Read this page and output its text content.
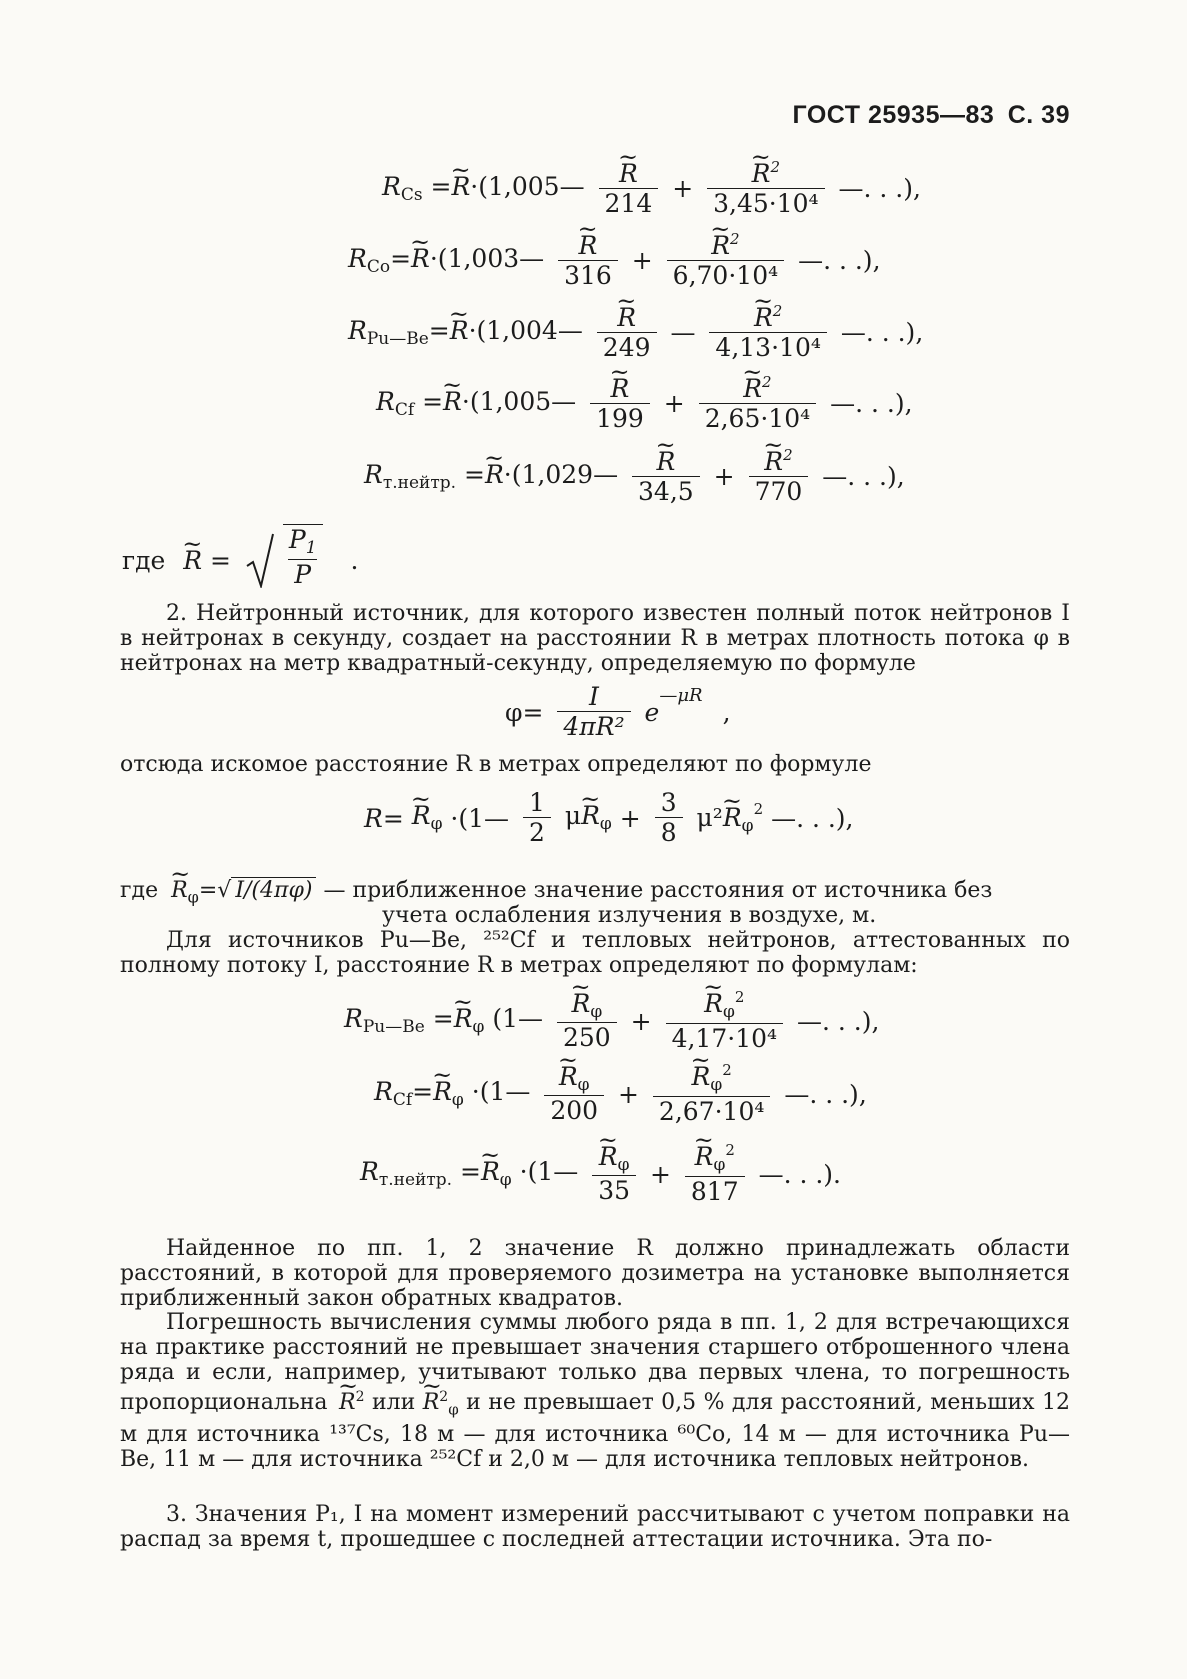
ГОСТ 25935—83 С. 39
$R_{Cs}$ =~ R·(1,005— ~ $\frac{R}{214}$ + ~ $\frac{R^2}{\text{3,45·10⁴}}$ —. . .),
$R_{Co}=\sim$ R·(1,003— ~ $\frac{R}{316}$ + ~ $\frac{R^2}{\text{6,70·10⁴}}$ —. . .),
$R_{Pu—Be}=\sim$ R·(1,004— ~ $\frac{R}{249}$ — ~ $\frac{R^2}{\text{4,13·10⁴}}$ —. . .),
$R_{Cf}$ =~ R·(1,005— ~ $\frac{R}{199}$ + ~ $\frac{R^2}{\text{2,65·10⁴}}$ —. . .),
$R_{т.нейтр.}$ =~ R·(1,029— ~ $\frac{R}{34,5}$ + ~ $\frac{R^2}{770}$ —. . .),
где ~ $R = \frac{P_1}{P}$ .
2. Нейтронный источник, для которого известен полный поток нейтронов I в нейтронах в секунду, создает на расстоянии R в метрах плотность потока φ в нейтронах на метр квадратный-секунду, определяемую по формуле
$\varphi= \frac{I}{\text{4πR²}} e^{—\mu R}$ ,
отсюда искомое расстояние R в метрах определяют по формуле
R= ~ $R_\varphi$ ·(1— $\frac{1}{2}$ μ~ $R_\varphi + \frac{3}{8}$ μ²~ $R_\varphi^2$ —. . .),
где ~ $R_\varphi=√$ I/(4πφ) — приближенное значение расстояния от источника без
учета ослабления излучения в воздухе, м.
Для источников Pu—Be, ²⁵²Cf и тепловых нейтронов, аттестованных по полному потоку I, расстояние R в метрах определяют по формулам:
$R_{Pu—Be}$ =~ $R_\varphi$ (1— ~ $\frac{R_\varphi}{250}$ + ~ $\frac{R_\varphi^2}{\text{4,17·10⁴}}$ —. . .),
$R_{Cf}=\sim$ $R_\varphi$ ·(1— ~ $\frac{R_\varphi}{200}$ + ~ $\frac{R_\varphi^2}{\text{2,67·10⁴}}$ —. . .),
$R_{т.нейтр.}$ =~ $R_\varphi$ ·(1— ~ $\frac{R_\varphi}{35}$ + ~ $\frac{R_\varphi^2}{817}$ —. . .).
Найденное по пп. 1, 2 значение R должно принадлежать области расстояний, в которой для проверяемого дозиметра на установке выполняется приближенный закон обратных квадратов.
Погрешность вычисления суммы любого ряда в пп. 1, 2 для встречающихся на практике расстояний не превышает значения старшего отброшенного члена ряда и если, например, учитывают только два первых члена, то погрешность пропорциональна ~ $R^2$ или ~ $R^2_\varphi$ и не превышает 0,5 % для расстояний, меньших 12 м для источника ¹³⁷Cs, 18 м — для источника ⁶⁰Co, 14 м — для источника Pu—Be, 11 м — для источника ²⁵²Cf и 2,0 м — для источника тепловых нейтронов.
3. Значения P₁, I на момент измерений рассчитывают с учетом поправки на распад за время t, прошедшее с последней аттестации источника. Эта по-
